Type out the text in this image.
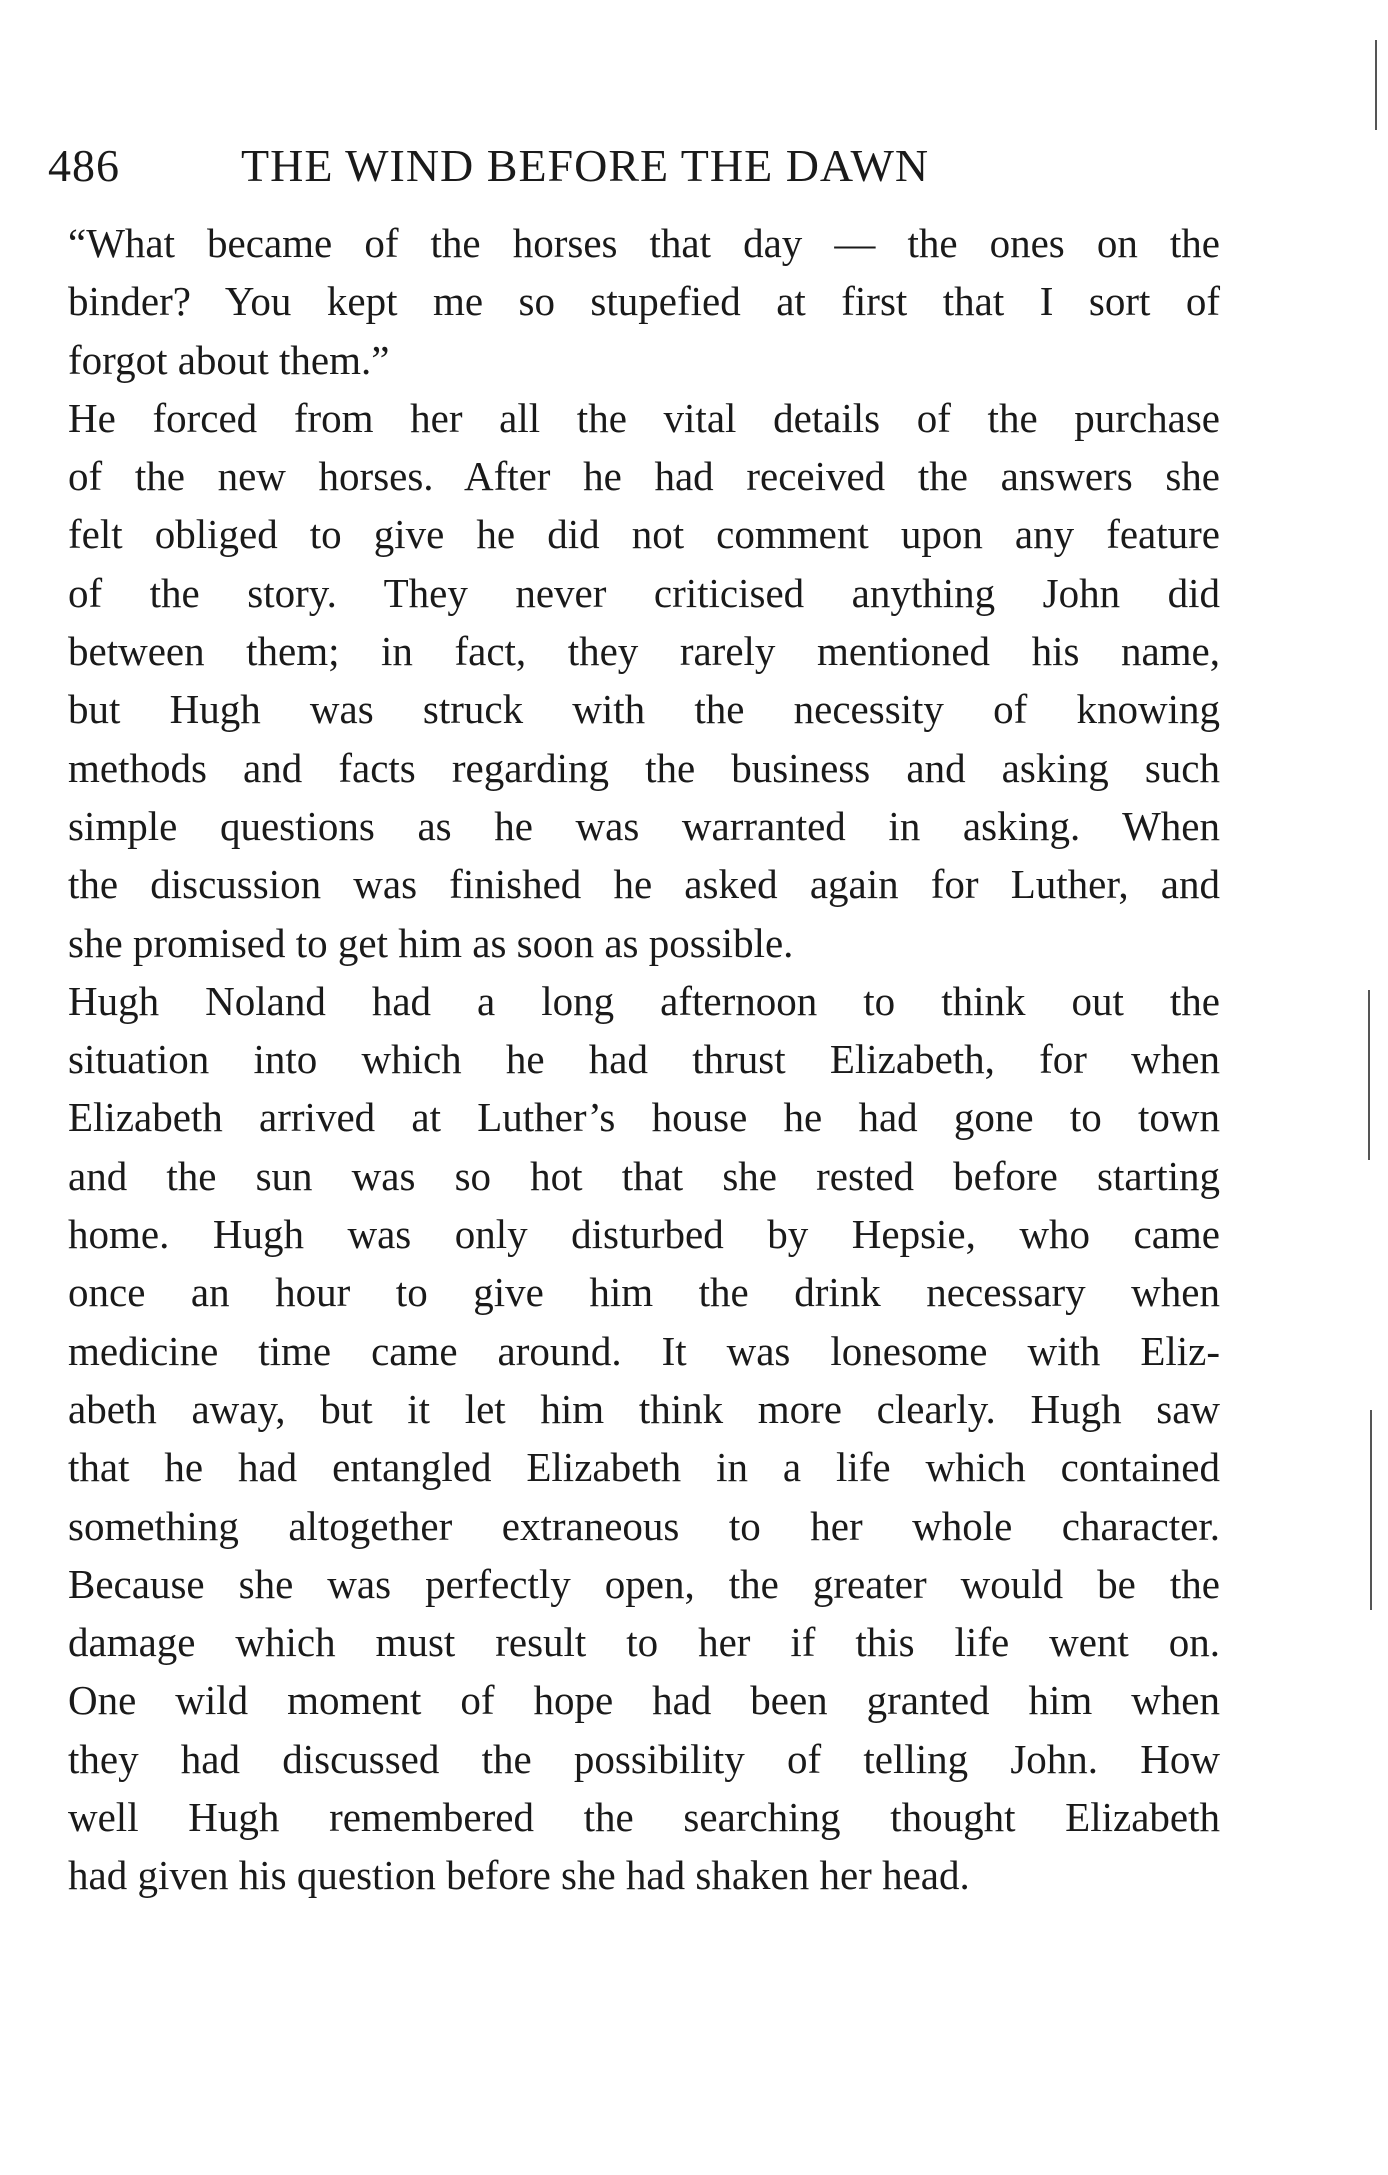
486	THE WIND BEFORE THE DAWN
“What became of the horses that day — the ones on the
binder? You kept me so stupefied at first that I sort of
forgot about them.”
He forced from her all the vital details of the purchase
of the new horses. After he had received the answers she
felt obliged to give he did not comment upon any feature
of the story. They never criticised anything John did
between them; in fact, they rarely mentioned his name,
but Hugh was struck with the necessity of knowing
methods and facts regarding the business and asking such
simple questions as he was warranted in asking. When
the discussion was finished he asked again for Luther, and
she promised to get him as soon as possible.
Hugh Noland had a long afternoon to think out the
situation into which he had thrust Elizabeth, for when
Elizabeth arrived at Luther’s house he had gone to town
and the sun was so hot that she rested before starting
home. Hugh was only disturbed by Hepsie, who came
once an hour to give him the drink necessary when
medicine time came around. It was lonesome with Eliz-
abeth away, but it let him think more clearly. Hugh saw
that he had entangled Elizabeth in a life which contained
something altogether extraneous to her whole character.
Because she was perfectly open, the greater would be the
damage which must result to her if this life went on.
One wild moment of hope had been granted him when
they had discussed the possibility of telling John. How
well Hugh remembered the searching thought Elizabeth
had given his question before she had shaken her head.
